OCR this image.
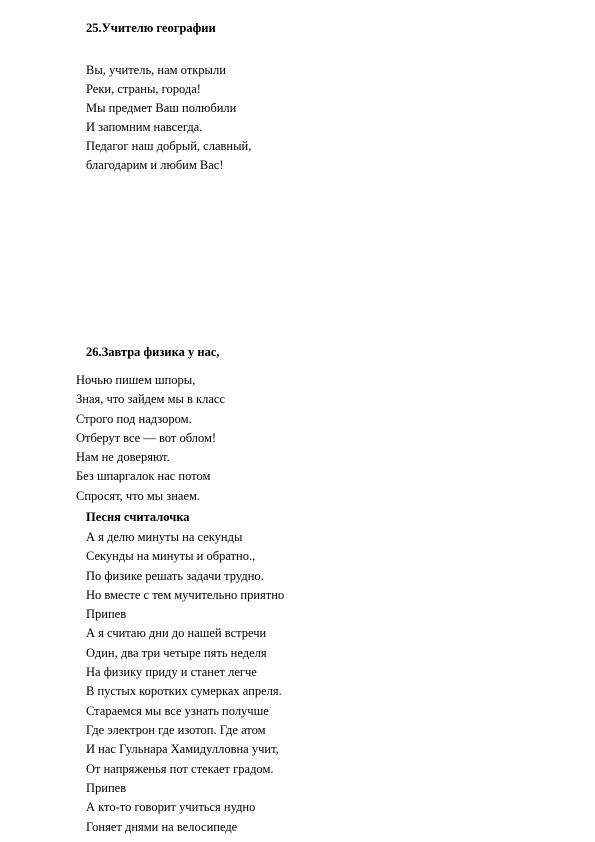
25.Учителю географии
Вы, учитель, нам открыли
Реки, страны, города!
Мы предмет Ваш полюбили
И запомним навсегда.
Педагог наш добрый, славный,
благодарим и любим Вас!
26.Завтра физика у нас,
Ночью пишем шпоры,
Зная, что зайдем мы в класс
Строго под надзором.
Отберут все — вот облом!
Нам не доверяют.
Без шпаргалок нас потом
Спросят, что мы знаем.
Песня считалочка
А я делю минуты на секунды
Секунды на минуты и обратно.,
По физике решать задачи трудно.
Но вместе с тем мучительно приятно
Припев
А я считаю дни до нашей встречи
Один, два три четыре пять неделя
На физику приду и станет легче
В пустых коротких сумерках апреля.
Стараемся мы все узнать получше
Где электрон где изотоп. Где атом
И нас Гульнара Хамидулловна учит,
От напряженья пот стекает градом.
Припев
А кто-то говорит учиться нудно
Гоняет днями на велосипеде
